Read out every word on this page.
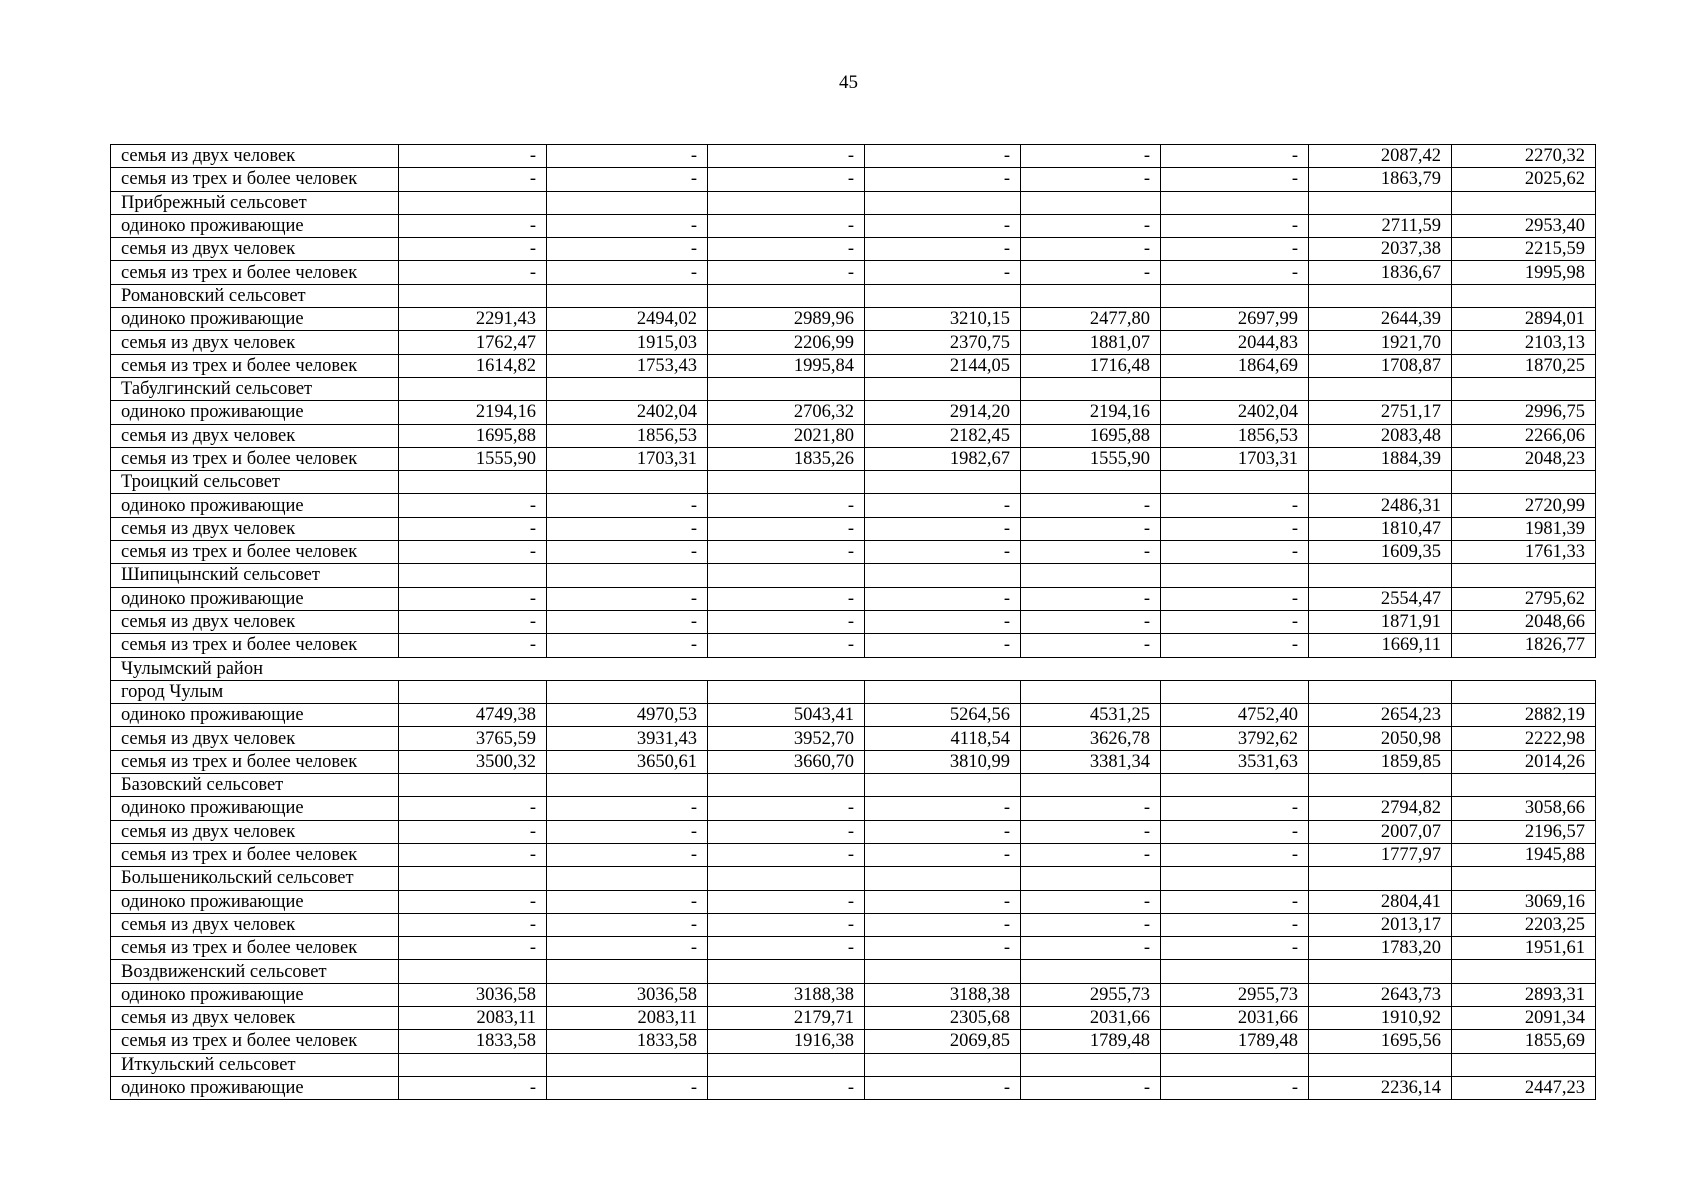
45
семья из двух человек	-	-	-	-	-	-	2087,42	2270,32
семья из трех и более человек	-	-	-	-	-	-	1863,79	2025,62
Прибрежный сельсовет								
одиноко проживающие	-	-	-	-	-	-	2711,59	2953,40
семья из двух человек	-	-	-	-	-	-	2037,38	2215,59
семья из трех и более человек	-	-	-	-	-	-	1836,67	1995,98
Романовский сельсовет								
одиноко проживающие	2291,43	2494,02	2989,96	3210,15	2477,80	2697,99	2644,39	2894,01
семья из двух человек	1762,47	1915,03	2206,99	2370,75	1881,07	2044,83	1921,70	2103,13
семья из трех и более человек	1614,82	1753,43	1995,84	2144,05	1716,48	1864,69	1708,87	1870,25
Табулгинский сельсовет								
одиноко проживающие	2194,16	2402,04	2706,32	2914,20	2194,16	2402,04	2751,17	2996,75
семья из двух человек	1695,88	1856,53	2021,80	2182,45	1695,88	1856,53	2083,48	2266,06
семья из трех и более человек	1555,90	1703,31	1835,26	1982,67	1555,90	1703,31	1884,39	2048,23
Троицкий сельсовет								
одиноко проживающие	-	-	-	-	-	-	2486,31	2720,99
семья из двух человек	-	-	-	-	-	-	1810,47	1981,39
семья из трех и более человек	-	-	-	-	-	-	1609,35	1761,33
Шипицынский сельсовет								
одиноко проживающие	-	-	-	-	-	-	2554,47	2795,62
семья из двух человек	-	-	-	-	-	-	1871,91	2048,66
семья из трех и более человек	-	-	-	-	-	-	1669,11	1826,77
Чулымский район								
город Чулым								
одиноко проживающие	4749,38	4970,53	5043,41	5264,56	4531,25	4752,40	2654,23	2882,19
семья из двух человек	3765,59	3931,43	3952,70	4118,54	3626,78	3792,62	2050,98	2222,98
семья из трех и более человек	3500,32	3650,61	3660,70	3810,99	3381,34	3531,63	1859,85	2014,26
Базовский сельсовет								
одиноко проживающие	-	-	-	-	-	-	2794,82	3058,66
семья из двух человек	-	-	-	-	-	-	2007,07	2196,57
семья из трех и более человек	-	-	-	-	-	-	1777,97	1945,88
Большеникольский сельсовет								
одиноко проживающие	-	-	-	-	-	-	2804,41	3069,16
семья из двух человек	-	-	-	-	-	-	2013,17	2203,25
семья из трех и более человек	-	-	-	-	-	-	1783,20	1951,61
Воздвиженский сельсовет								
одиноко проживающие	3036,58	3036,58	3188,38	3188,38	2955,73	2955,73	2643,73	2893,31
семья из двух человек	2083,11	2083,11	2179,71	2305,68	2031,66	2031,66	1910,92	2091,34
семья из трех и более человек	1833,58	1833,58	1916,38	2069,85	1789,48	1789,48	1695,56	1855,69
Иткульский сельсовет								
одиноко проживающие	-	-	-	-	-	-	2236,14	2447,23
